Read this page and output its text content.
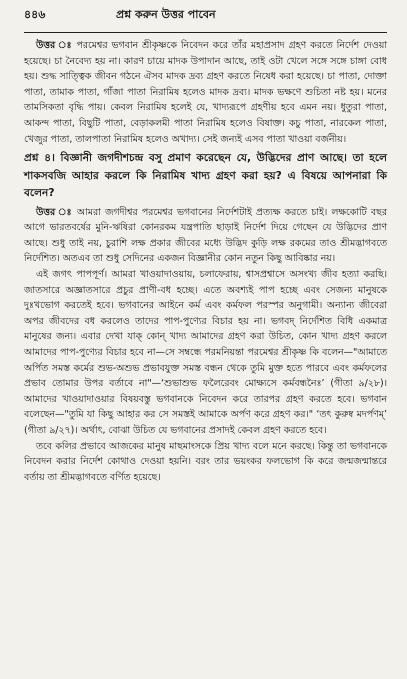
৪৪৬	প্রশ্ন করুন উত্তর পাবেন

উত্তর ঃ পরমেশ্বর ভগবান শ্রীকৃষ্ণকে নিবেদন করে তাঁর মহাপ্রসাদ গ্রহণ করতে নির্দেশ দেওয়া হয়েছে। চা নৈবেদ্য হয় না। কারণ চায়ে মাদক উপাদান আছে, তাই ওটা খেলে সঙ্গে সঙ্গে চাঙ্গা বোধ হয়। শুদ্ধ সাত্ত্বিক জীবন গঠনে ঐসব মাদক দ্রব্য গ্রহণ করতে নিষেধ করা হয়েছে। চা পাতা, দোক্তা পাতা, তামাক পাতা, গাঁজা পাতা নিরামিষ হলেও মাদক দ্রব্য। মাদক ভক্ষণে শুচিতা নষ্ট হয়। মনের তামসিকতা বৃদ্ধি পায়। কেবল নিরামিষ হলেই যে, খাদ্যরূপে গ্রহণীয় হবে এমন নয়। ধুতুরা পাতা, আকন্দ পাতা, বিছুটি পাতা, বেড়াকলমী পাতা নিরামিষ হলেও বিষাক্ত। কচু পাতা, নারকেল পাতা, খেজুর পাতা, তালপাতা নিরামিষ হলেও অখাদ্য। সেই জন্যই এসব পাতা খাওয়া বর্জনীয়।

প্রশ্ন ৪। বিজ্ঞানী জগদীশচন্দ্র বসু প্রমাণ করেছেন যে, উদ্ভিদের প্রাণ আছে। তা হলে শাকসবজি আহার করলে কি নিরামিষ খাদ্য গ্রহণ করা হয়? এ বিষয়ে আপনারা কি বলেন?

উত্তর ঃ আমরা জগদীশ্বর পরমেশ্বর ভগবানের নির্দেশটাই প্রত্যক্ষ করতে চাই। লক্ষকোটি বছর আগে ভারতবর্ষের মুনি-ঋষিরা কোনরকম যন্ত্রপাতি ছাড়াই নির্দেশ দিয়ে গেছেন যে উদ্ভিদের প্রাণ আছে। শুধু তাই নয়, চুরাশি লক্ষ প্রকার জীবের মধ্যে উদ্ভিদ কুড়ি লক্ষ রকমের তাও শ্রীমদ্ভাগবতে নির্দেশিত। অতএব তা শুধু সেদিনের একজন বিজ্ঞানীর কোন নতুন কিছু আবিষ্কার নয়।

এই জগৎ পাপপূর্ণ। আমরা খাওয়াদাওয়ায়, চলাফেরায়, শ্বাসপ্রশ্বাসে অসংখ্য জীব হত্যা করছি। জাতসারে অজ্ঞাতসারে প্রচুর প্রাণী-বধ হচ্ছে। এতে অবশ্যই পাপ হচ্ছে এবং সেজন্য মানুষকে দুঃখভোগ করতেই হবে। ভগবানের আইনে কর্ম এবং কর্মফল পরস্পর অনুগামী। অন্যান্য জীবেরা অপর জীবদের বধ করলেও তাদের পাপ-পুণ্যের বিচার হয় না। ভগবদ্ নির্দেশিত বিধি একমাত্র মানুষের জন্য। এবার দেখা যাক্ কোন্ খাদ্য আমাদের গ্রহণ করা উচিত, কোন খাদ্য গ্রহণ করলে আমাদের পাপ-পুণ্যের বিচার হবে না—সে সম্বন্ধে পরমনিয়ন্তা পরমেশ্বর শ্রীকৃষ্ণ কি বলেন—"আমাতে অর্পিত সমস্ত কর্মের শুভ-অশুভ প্রভাবযুক্ত সমস্ত বন্ধন থেকে তুমি মুক্ত হতে পারবে এবং কর্মফলের প্রভাব তোমার উপর বর্তাবে না"—‘শুভাশুভ ফলৈরেবং মোক্ষ্যসে কর্মবন্ধনৈঃ’ (গীতা ৯/২৮)। আমাদের খাওয়াদাওয়ার বিষয়বস্তু ভগবানকে নিবেদন করে তারপর গ্রহণ করতে হবে। ভগবান বলেছেন—"তুমি যা কিছু আহার কর সে সমস্তই আমাকে অর্পণ করে গ্রহণ কর।" ‘তৎ কুরুষ্ব মদর্পণম্’ (গীতা ৯/২৭)। অর্থাৎ, বোঝা উচিত যে ভগবানের প্রসাদই কেবল গ্রহণ করতে হবে।

তবে কলির প্রভাবে আজকের মানুষ মাছমাংসকে প্রিয় খাদ্য বলে মনে করছে। কিন্তু তা ভগবানকে নিবেদন করার নির্দেশ কোথাও দেওয়া হয়নি। বরং তার ভয়ংকর ফলভোগ কি করে জন্মজন্মান্তরে বর্তায় তা শ্রীমদ্ভাগবতে বর্ণিত হয়েছে।
